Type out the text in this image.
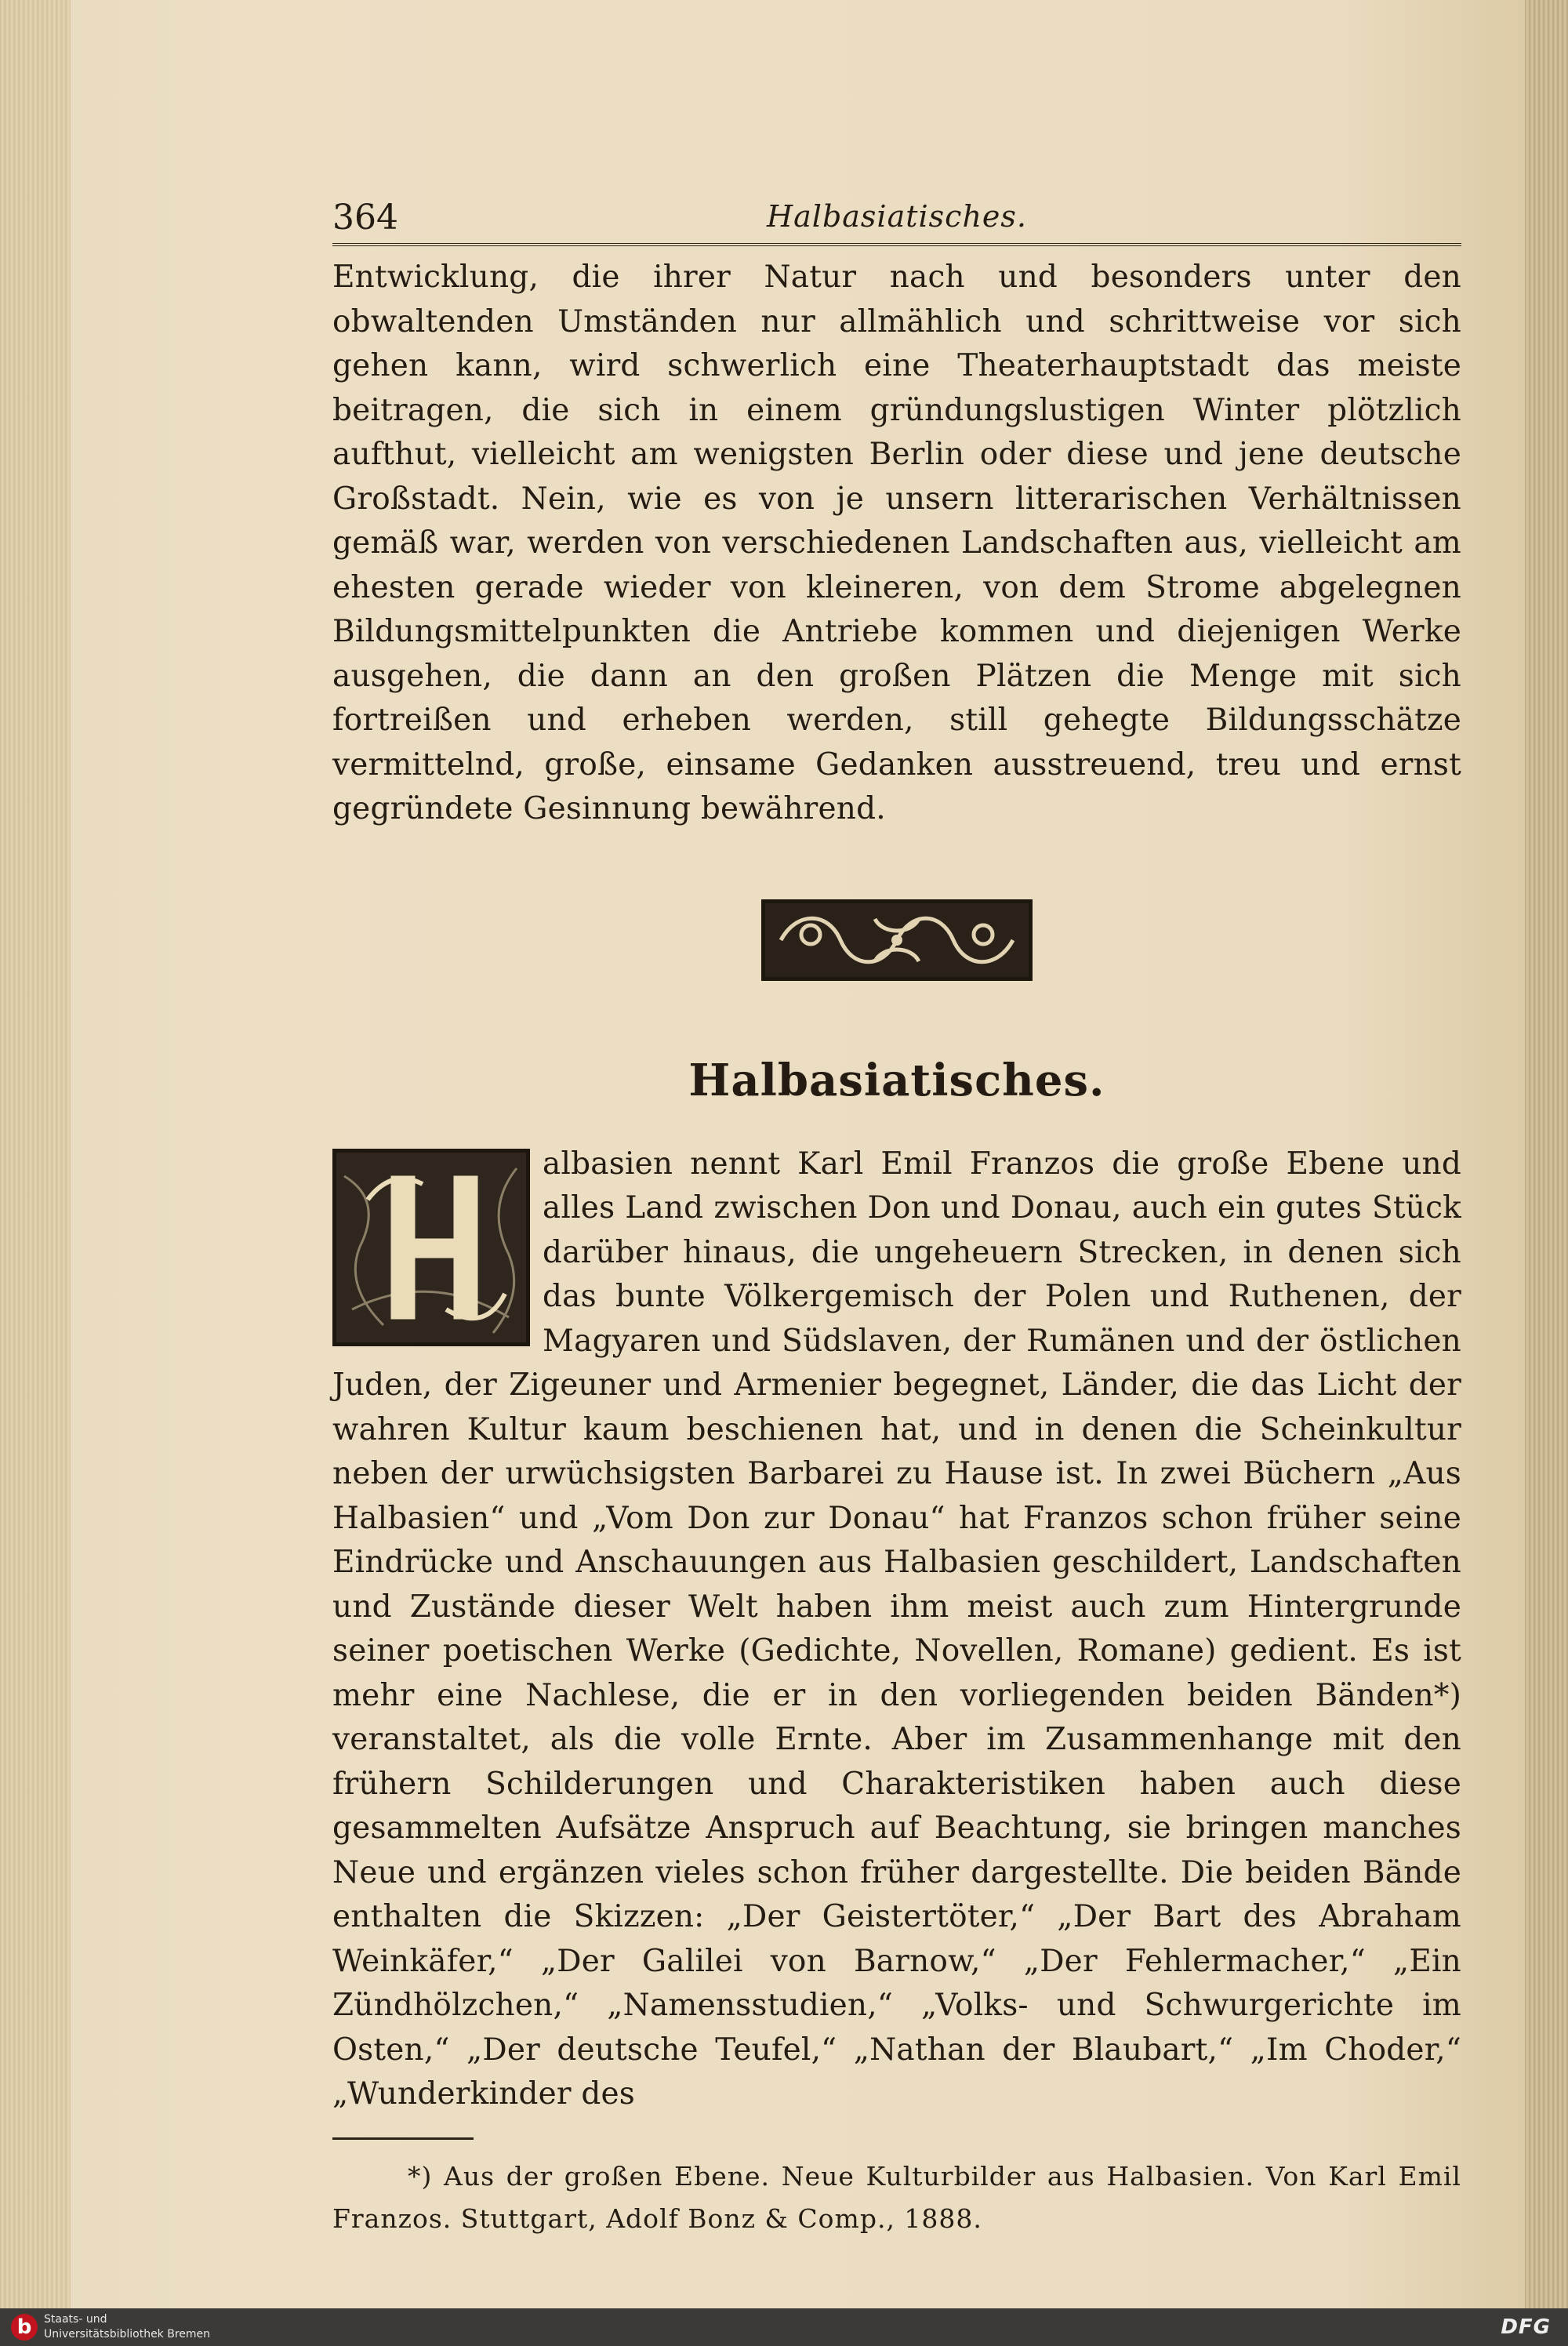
364	Halbasiatisches.

Entwicklung, die ihrer Natur nach und besonders unter den obwaltenden Umständen nur allmählich und schrittweise vor sich gehen kann, wird schwerlich eine Theaterhauptstadt das meiste beitragen, die sich in einem gründungslustigen Winter plötzlich aufthut, vielleicht am wenigsten Berlin oder diese und jene deutsche Großstadt. Nein, wie es von je unsern litterarischen Verhältnissen gemäß war, werden von verschiedenen Landschaften aus, vielleicht am ehesten gerade wieder von kleineren, von dem Strome abgelegnen Bildungsmittelpunkten die Antriebe kommen und diejenigen Werke ausgehen, die dann an den großen Plätzen die Menge mit sich fortreißen und erheben werden, still gehegte Bildungsschätze vermittelnd, große, einsame Gedanken ausstreuend, treu und ernst gegründete Gesinnung bewährend.

Halbasiatisches.

albasien nennt Karl Emil Franzos die große Ebene und alles Land zwischen Don und Donau, auch ein gutes Stück darüber hinaus, die ungeheuern Strecken, in denen sich das bunte Völkergemisch der Polen und Ruthenen, der Magyaren und Südslaven, der Rumänen und der östlichen Juden, der Zigeuner und Armenier begegnet, Länder, die das Licht der wahren Kultur kaum beschienen hat, und in denen die Scheinkultur neben der urwüchsigsten Barbarei zu Hause ist. In zwei Büchern „Aus Halbasien“ und „Vom Don zur Donau“ hat Franzos schon früher seine Eindrücke und Anschauungen aus Halbasien geschildert, Landschaften und Zustände dieser Welt haben ihm meist auch zum Hintergrunde seiner poetischen Werke (Gedichte, Novellen, Romane) gedient. Es ist mehr eine Nachlese, die er in den vorliegenden beiden Bänden*) veranstaltet, als die volle Ernte. Aber im Zusammenhange mit den frühern Schilderungen und Charakteristiken haben auch diese gesammelten Aufsätze Anspruch auf Beachtung, sie bringen manches Neue und ergänzen vieles schon früher dargestellte. Die beiden Bände enthalten die Skizzen: „Der Geistertöter,“ „Der Bart des Abraham Weinkäfer,“ „Der Galilei von Barnow,“ „Der Fehlermacher,“ „Ein Zündhölzchen,“ „Namensstudien,“ „Volks- und Schwurgerichte im Osten,“ „Der deutsche Teufel,“ „Nathan der Blaubart,“ „Im Choder,“ „Wunderkinder des

*) Aus der großen Ebene. Neue Kulturbilder aus Halbasien. Von Karl Emil Franzos. Stuttgart, Adolf Bonz & Comp., 1888.

b	Staats- und
Universitätsbibliothek Bremen	DFG
